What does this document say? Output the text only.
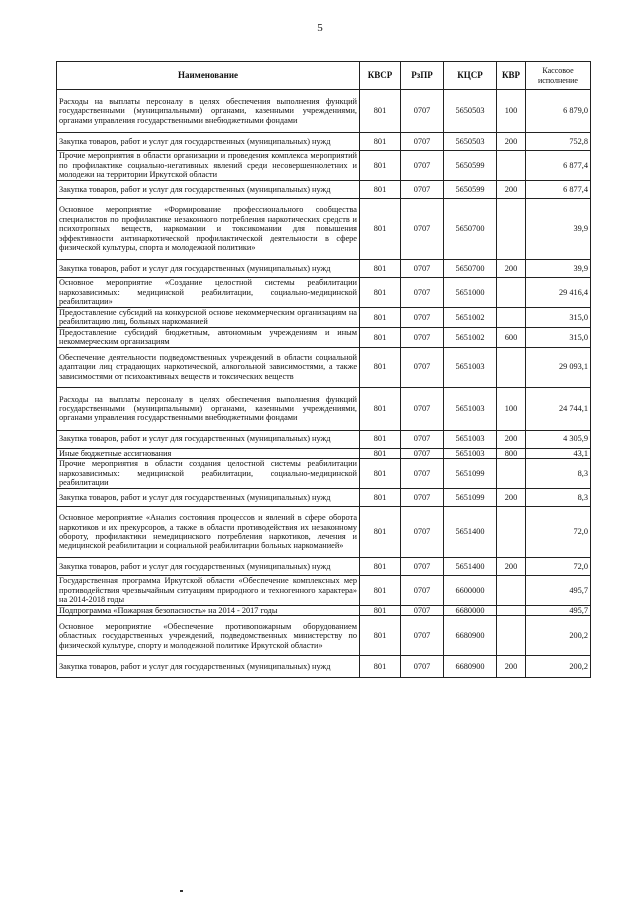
5
Наименование	КВСР	РзПР	КЦСР	КВР	Кассовое исполнение
Расходы на выплаты персоналу в целях обеспечения выполнения функций государственными (муниципальными) органами, казенными учреждениями, органами управления государственными внебюджетными фондами	801	0707	5650503	100	6 879,0
Закупка товаров, работ и услуг для государственных (муниципальных) нужд	801	0707	5650503	200	752,8
Прочие мероприятия в области организации и проведения комплекса мероприятий по профилактике социально-негативных явлений среди несовершеннолетних и молодежи на территории Иркутской области	801	0707	5650599		6 877,4
Закупка товаров, работ и услуг для государственных (муниципальных) нужд	801	0707	5650599	200	6 877,4
Основное мероприятие «Формирование профессионального сообщества специалистов по профилактике незаконного потребления наркотических средств и психотропных веществ, наркомании и токсикомании для повышения эффективности антинаркотической профилактической деятельности в сфере физической культуры, спорта и молодежной политики»	801	0707	5650700		39,9
Закупка товаров, работ и услуг для государственных (муниципальных) нужд	801	0707	5650700	200	39,9
Основное мероприятие «Создание целостной системы реабилитации наркозависимых: медицинской реабилитации, социально-медицинской реабилитации»	801	0707	5651000		29 416,4
Предоставление субсидий на конкурсной основе некоммерческим организациям на реабилитацию лиц, больных наркоманией	801	0707	5651002		315,0
Предоставление субсидий бюджетным, автономным учреждениям и иным некоммерческим организациям	801	0707	5651002	600	315,0
Обеспечение деятельности подведомственных учреждений в области социальной адаптации лиц страдающих наркотической, алкогольной зависимостями, а также зависимостями от психоактивных веществ и токсических веществ	801	0707	5651003		29 093,1
Расходы на выплаты персоналу в целях обеспечения выполнения функций государственными (муниципальными) органами, казенными учреждениями, органами управления государственными внебюджетными фондами	801	0707	5651003	100	24 744,1
Закупка товаров, работ и услуг для государственных (муниципальных) нужд	801	0707	5651003	200	4 305,9
Иные бюджетные ассигнования	801	0707	5651003	800	43,1
Прочие мероприятия в области создания целостной системы реабилитации наркозависимых: медицинской реабилитации, социально-медицинской реабилитации	801	0707	5651099		8,3
Закупка товаров, работ и услуг для государственных (муниципальных) нужд	801	0707	5651099	200	8,3
Основное мероприятие «Анализ состояния процессов и явлений в сфере оборота наркотиков и их прекурсоров, а также в области противодействия их незаконному обороту, профилактики немедицинского потребления наркотиков, лечения и медицинской реабилитации и социальной реабилитации больных наркоманией»	801	0707	5651400		72,0
Закупка товаров, работ и услуг для государственных (муниципальных) нужд	801	0707	5651400	200	72,0
Государственная программа Иркутской области «Обеспечение комплексных мер противодействия чрезвычайным ситуациям природного и техногенного характера» на 2014-2018 годы	801	0707	6600000		495,7
Подпрограмма «Пожарная безопасность» на 2014 - 2017 годы	801	0707	6680000		495,7
Основное мероприятие «Обеспечение противопожарным оборудованием областных государственных учреждений, подведомственных министерству по физической культуре, спорту и молодежной политике Иркутской области»	801	0707	6680900		200,2
Закупка товаров, работ и услуг для государственных (муниципальных) нужд	801	0707	6680900	200	200,2
